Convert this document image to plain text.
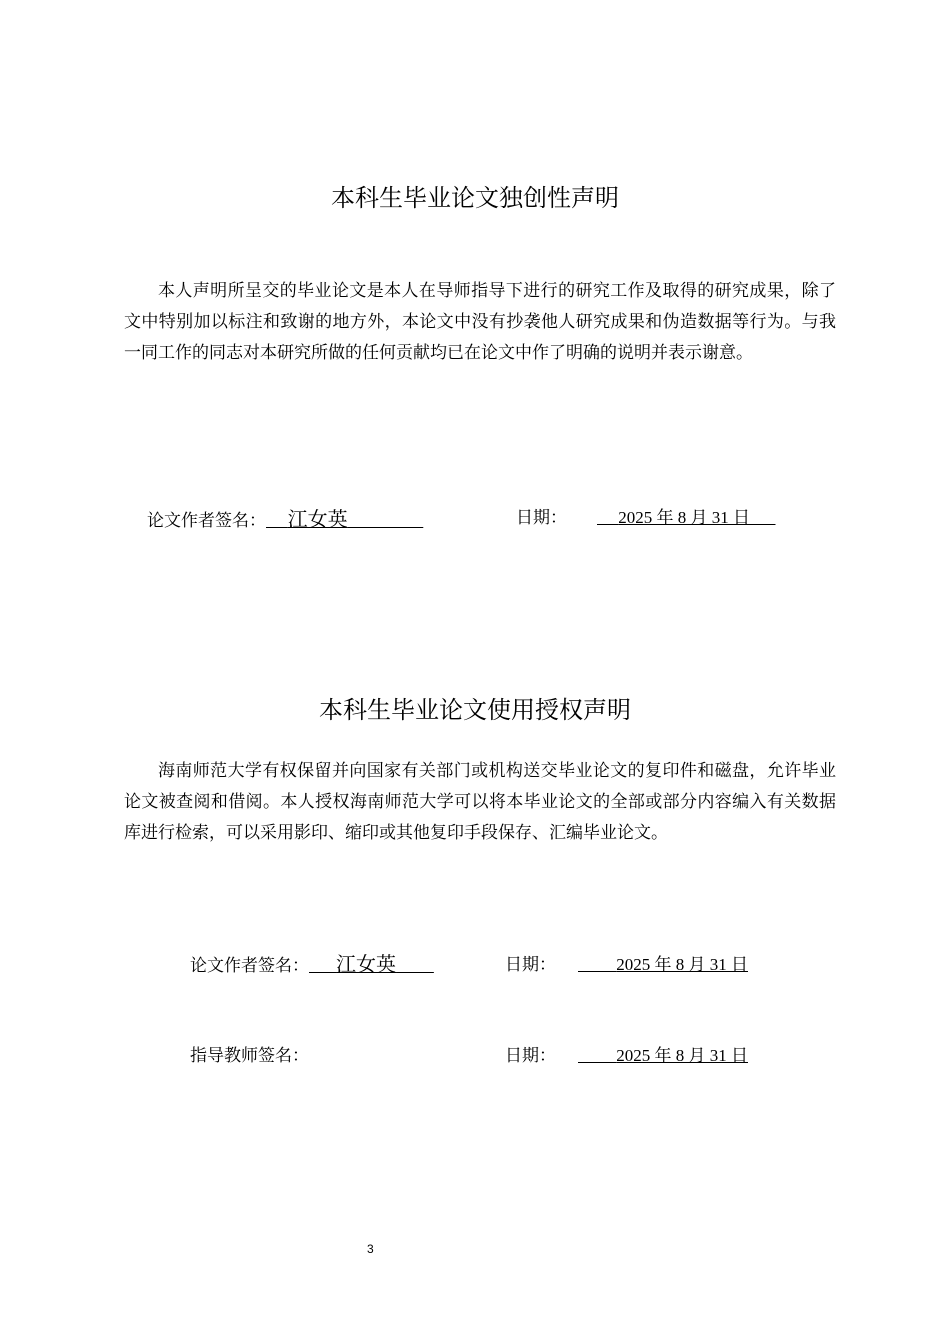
本科生毕业论文独创性声明
本人声明所呈交的毕业论文是本人在导师指导下进行的研究工作及取得的研究成果，除了文中特别加以标注和致谢的地方外，本论文中没有抄袭他人研究成果和伪造数据等行为。与我一同工作的同志对本研究所做的任何贡献均已在论文中作了明确的说明并表示谢意。
论文作者签名： 江女英	日期：	2025 年 8 月 31 日
本科生毕业论文使用授权声明
海南师范大学有权保留并向国家有关部门或机构送交毕业论文的复印件和磁盘，允许毕业论文被查阅和借阅。本人授权海南师范大学可以将本毕业论文的全部或部分内容编入有关数据库进行检索，可以采用影印、缩印或其他复印手段保存、汇编毕业论文。
论文作者签名： 江女英	日期：	2025 年 8 月 31 日
指导教师签名：	日期：	2025 年 8 月 31 日
3
